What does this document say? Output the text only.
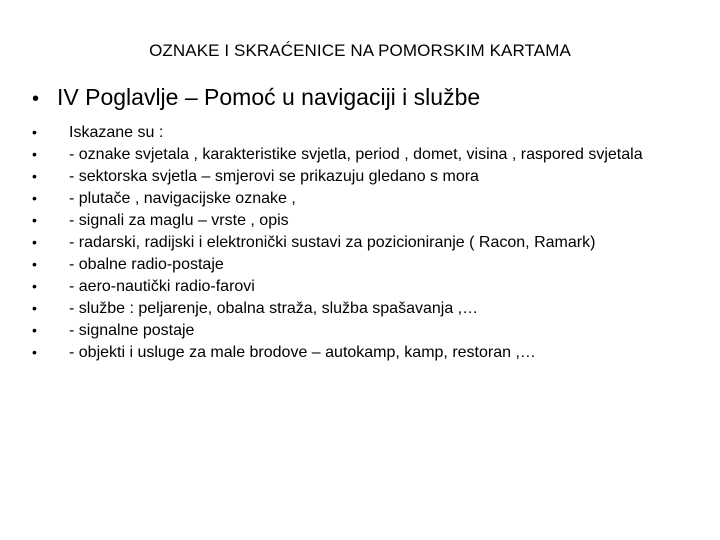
OZNAKE I SKRAĆENICE NA POMORSKIM KARTAMA
• IV Poglavlje – Pomoć u navigaciji i službe
•	Iskazane su :
•	- oznake svjetala , karakteristike svjetla, period , domet, visina , raspored svjetala
•	- sektorska svjetla – smjerovi se prikazuju gledano s mora
•	- plutače , navigacijske oznake ,
•	- signali za maglu – vrste , opis
•	- radarski, radijski i elektronički sustavi za pozicioniranje ( Racon, Ramark)
•	- obalne radio-postaje
•	- aero-nautički radio-farovi
•	- službe : peljarenje, obalna straža, služba spašavanja ,…
•	- signalne postaje
•	- objekti i usluge za male brodove – autokamp, kamp, restoran ,…
